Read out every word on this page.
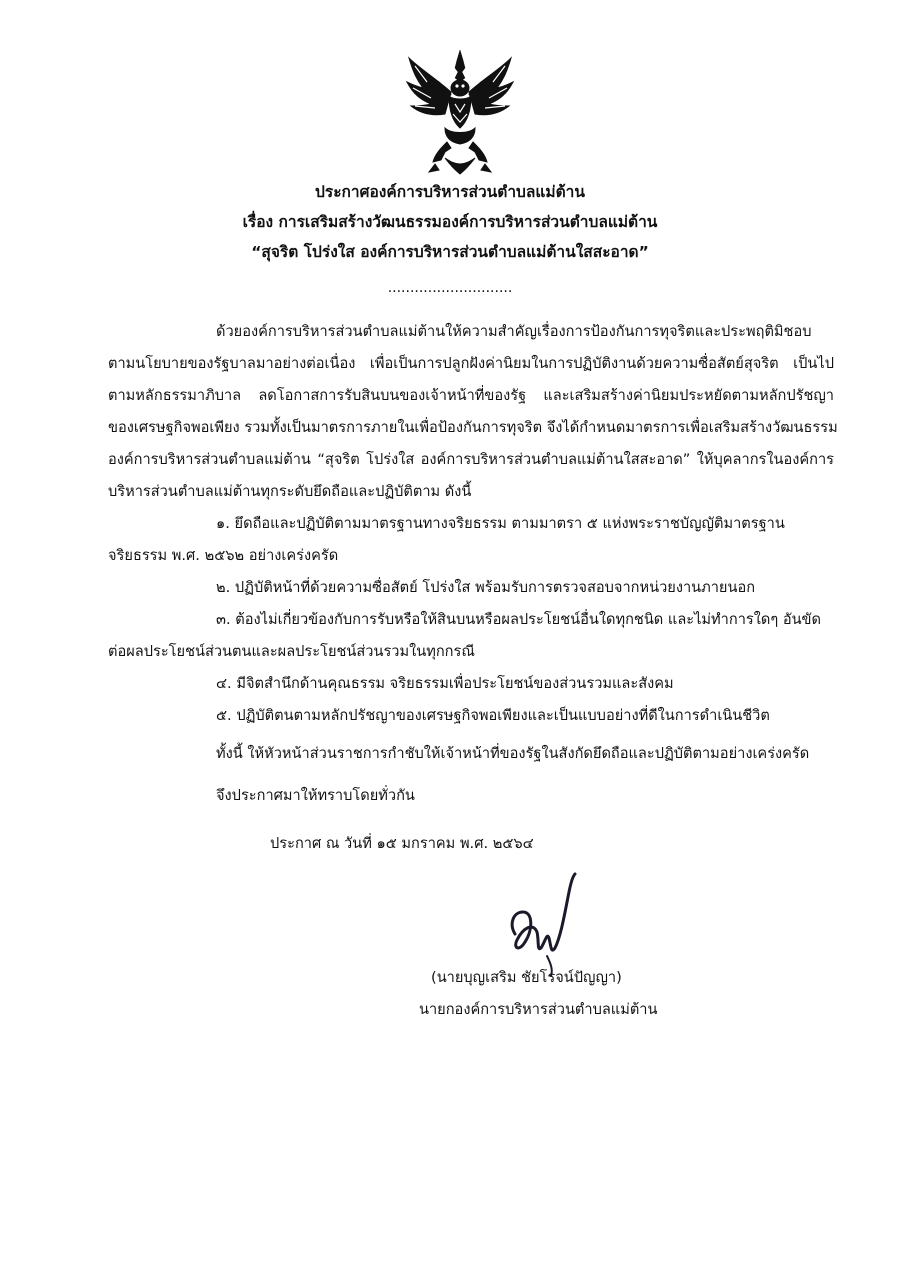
ประกาศองค์การบริหารส่วนตำบลแม่ต้าน
เรื่อง การเสริมสร้างวัฒนธรรมองค์การบริหารส่วนตำบลแม่ต้าน
“สุจริต โปร่งใส องค์การบริหารส่วนตำบลแม่ต้านใสสะอาด”
............................
ด้วยองค์การบริหารส่วนตำบลแม่ต้านให้ความสำคัญเรื่องการป้องกันการทุจริตและประพฤติมิชอบ
ตามนโยบายของรัฐบาลมาอย่างต่อเนื่อง เพื่อเป็นการปลูกฝังค่านิยมในการปฏิบัติงานด้วยความซื่อสัตย์สุจริต เป็นไป
ตามหลักธรรมาภิบาล ลดโอกาสการรับสินบนของเจ้าหน้าที่ของรัฐ และเสริมสร้างค่านิยมประหยัดตามหลักปรัชญา
ของเศรษฐกิจพอเพียง รวมทั้งเป็นมาตรการภายในเพื่อป้องกันการทุจริต จึงได้กำหนดมาตรการเพื่อเสริมสร้างวัฒนธรรม
องค์การบริหารส่วนตำบลแม่ต้าน “สุจริต โปร่งใส องค์การบริหารส่วนตำบลแม่ต้านใสสะอาด” ให้บุคลากรในองค์การ
บริหารส่วนตำบลแม่ต้านทุกระดับยึดถือและปฏิบัติตาม ดังนี้
๑. ยึดถือและปฏิบัติตามมาตรฐานทางจริยธรรม ตามมาตรา ๕ แห่งพระราชบัญญัติมาตรฐาน
จริยธรรม พ.ศ. ๒๕๖๒ อย่างเคร่งครัด
๒. ปฏิบัติหน้าที่ด้วยความซื่อสัตย์ โปร่งใส พร้อมรับการตรวจสอบจากหน่วยงานภายนอก
๓. ต้องไม่เกี่ยวข้องกับการรับหรือให้สินบนหรือผลประโยชน์อื่นใดทุกชนิด และไม่ทำการใดๆ อันขัด
ต่อผลประโยชน์ส่วนตนและผลประโยชน์ส่วนรวมในทุกกรณี
๔. มีจิตสำนึกด้านคุณธรรม จริยธรรมเพื่อประโยชน์ของส่วนรวมและสังคม
๕. ปฏิบัติตนตามหลักปรัชญาของเศรษฐกิจพอเพียงและเป็นแบบอย่างที่ดีในการดำเนินชีวิต
ทั้งนี้ ให้หัวหน้าส่วนราชการกำชับให้เจ้าหน้าที่ของรัฐในสังกัดยึดถือและปฏิบัติตามอย่างเคร่งครัด
จึงประกาศมาให้ทราบโดยทั่วกัน
ประกาศ ณ วันที่ ๑๕ มกราคม พ.ศ. ๒๕๖๔
(นายบุญเสริม ชัยโรจน์ปัญญา)
นายกองค์การบริหารส่วนตำบลแม่ต้าน
